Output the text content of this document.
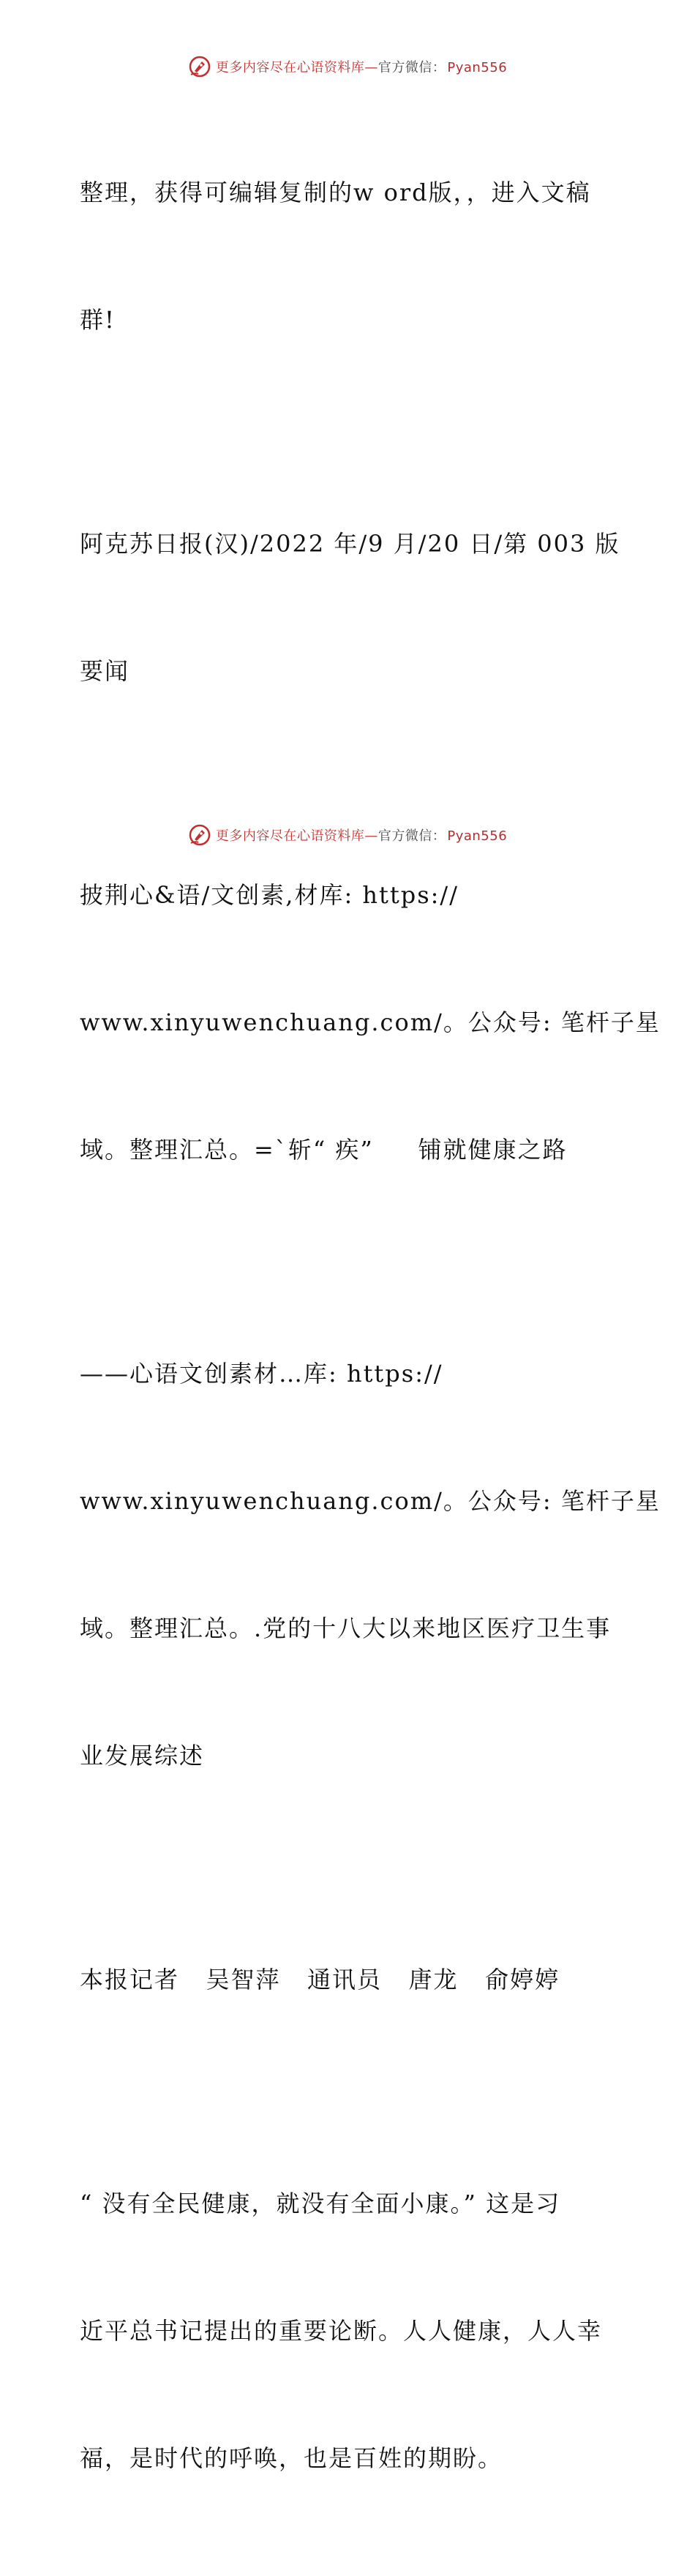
更多内容尽在心语资料库—官方微信： Pyan556

整理，获得可编辑复制的w ord版，，进入文稿

群!

阿克苏日报(汉)/2022 年/9 月/20 日/第 003 版

要闻

披荆心&语/文创素,材库: https://

www.xinyuwenchuang.com/。公众号: 笔杆子星

域。整理汇总。=`斩“ 疾”     铺就健康之路

——心语文创素材…库: https://

www.xinyuwenchuang.com/。公众号: 笔杆子星

域。整理汇总。.党的十八大以来地区医疗卫生事

业发展综述

本报记者   吴智萍   通讯员   唐龙   俞婷婷

“ 没有全民健康，就没有全面小康。” 这是习

近平总书记提出的重要论断。人人健康，人人幸

福，是时代的呼唤，也是百姓的期盼。

更多内容尽在心语资料库—官方微信： Pyan556
